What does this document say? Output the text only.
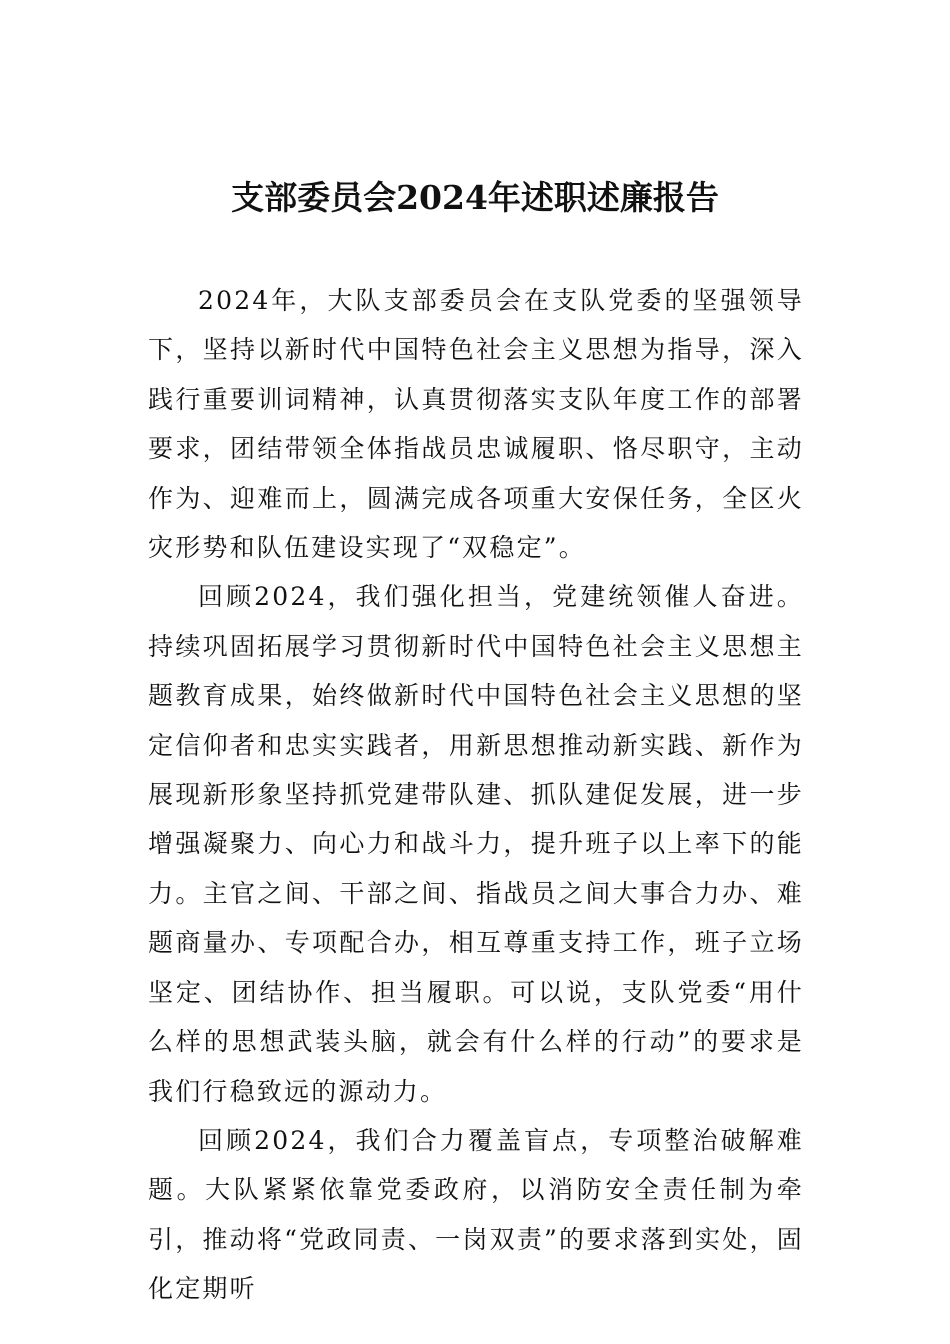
支部委员会2024年述职述廉报告

2024年，大队支部委员会在支队党委的坚强领导下，坚持以新时代中国特色社会主义思想为指导，深入践行重要训词精神，认真贯彻落实支队年度工作的部署要求，团结带领全体指战员忠诚履职、恪尽职守，主动作为、迎难而上，圆满完成各项重大安保任务，全区火灾形势和队伍建设实现了“双稳定”。

回顾2024，我们强化担当，党建统领催人奋进。持续巩固拓展学习贯彻新时代中国特色社会主义思想主题教育成果，始终做新时代中国特色社会主义思想的坚定信仰者和忠实实践者，用新思想推动新实践、新作为展现新形象坚持抓党建带队建、抓队建促发展，进一步增强凝聚力、向心力和战斗力，提升班子以上率下的能力。主官之间、干部之间、指战员之间大事合力办、难题商量办、专项配合办，相互尊重支持工作，班子立场坚定、团结协作、担当履职。可以说，支队党委“用什么样的思想武装头脑，就会有什么样的行动”的要求是我们行稳致远的源动力。

回顾2024，我们合力覆盖盲点，专项整治破解难题。大队紧紧依靠党委政府，以消防安全责任制为牵引，推动将“党政同责、一岗双责”的要求落到实处，固化定期听
